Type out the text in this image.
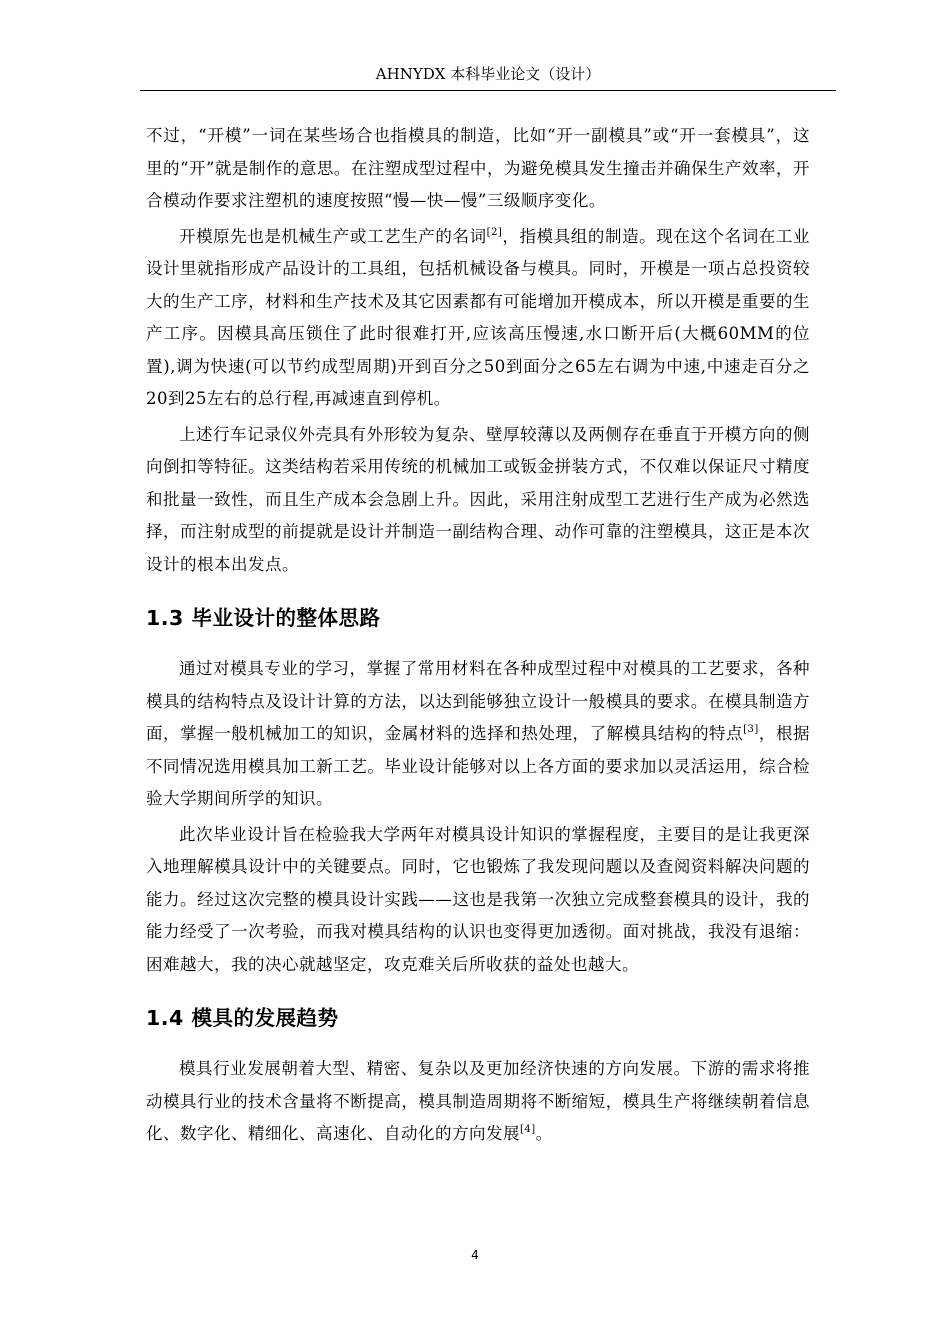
AHNYDX 本科毕业论文（设计）

不过，“开模”一词在某些场合也指模具的制造，比如“开一副模具”或“开一套模具”，这里的“开”就是制作的意思。在注塑成型过程中，为避免模具发生撞击并确保生产效率，开合模动作要求注塑机的速度按照“慢—快—慢”三级顺序变化。

开模原先也是机械生产或工艺生产的名词[2]，指模具组的制造。现在这个名词在工业设计里就指形成产品设计的工具组，包括机械设备与模具。同时，开模是一项占总投资较大的生产工序，材料和生产技术及其它因素都有可能增加开模成本，所以开模是重要的生产工序。因模具高压锁住了此时很难打开,应该高压慢速,水口断开后(大概60MM的位置),调为快速(可以节约成型周期)开到百分之50到面分之65左右调为中速,中速走百分之20到25左右的总行程,再减速直到停机。

上述行车记录仪外壳具有外形较为复杂、壁厚较薄以及两侧存在垂直于开模方向的侧向倒扣等特征。这类结构若采用传统的机械加工或钣金拼装方式，不仅难以保证尺寸精度和批量一致性，而且生产成本会急剧上升。因此，采用注射成型工艺进行生产成为必然选择，而注射成型的前提就是设计并制造一副结构合理、动作可靠的注塑模具，这正是本次设计的根本出发点。

1.3 毕业设计的整体思路

通过对模具专业的学习，掌握了常用材料在各种成型过程中对模具的工艺要求，各种模具的结构特点及设计计算的方法，以达到能够独立设计一般模具的要求。在模具制造方面，掌握一般机械加工的知识，金属材料的选择和热处理，了解模具结构的特点[3]，根据不同情况选用模具加工新工艺。毕业设计能够对以上各方面的要求加以灵活运用，综合检验大学期间所学的知识。

此次毕业设计旨在检验我大学两年对模具设计知识的掌握程度，主要目的是让我更深入地理解模具设计中的关键要点。同时，它也锻炼了我发现问题以及查阅资料解决问题的能力。经过这次完整的模具设计实践——这也是我第一次独立完成整套模具的设计，我的能力经受了一次考验，而我对模具结构的认识也变得更加透彻。面对挑战，我没有退缩：困难越大，我的决心就越坚定，攻克难关后所收获的益处也越大。

1.4 模具的发展趋势

模具行业发展朝着大型、精密、复杂以及更加经济快速的方向发展。下游的需求将推动模具行业的技术含量将不断提高，模具制造周期将不断缩短，模具生产将继续朝着信息化、数字化、精细化、高速化、自动化的方向发展[4]。

4
